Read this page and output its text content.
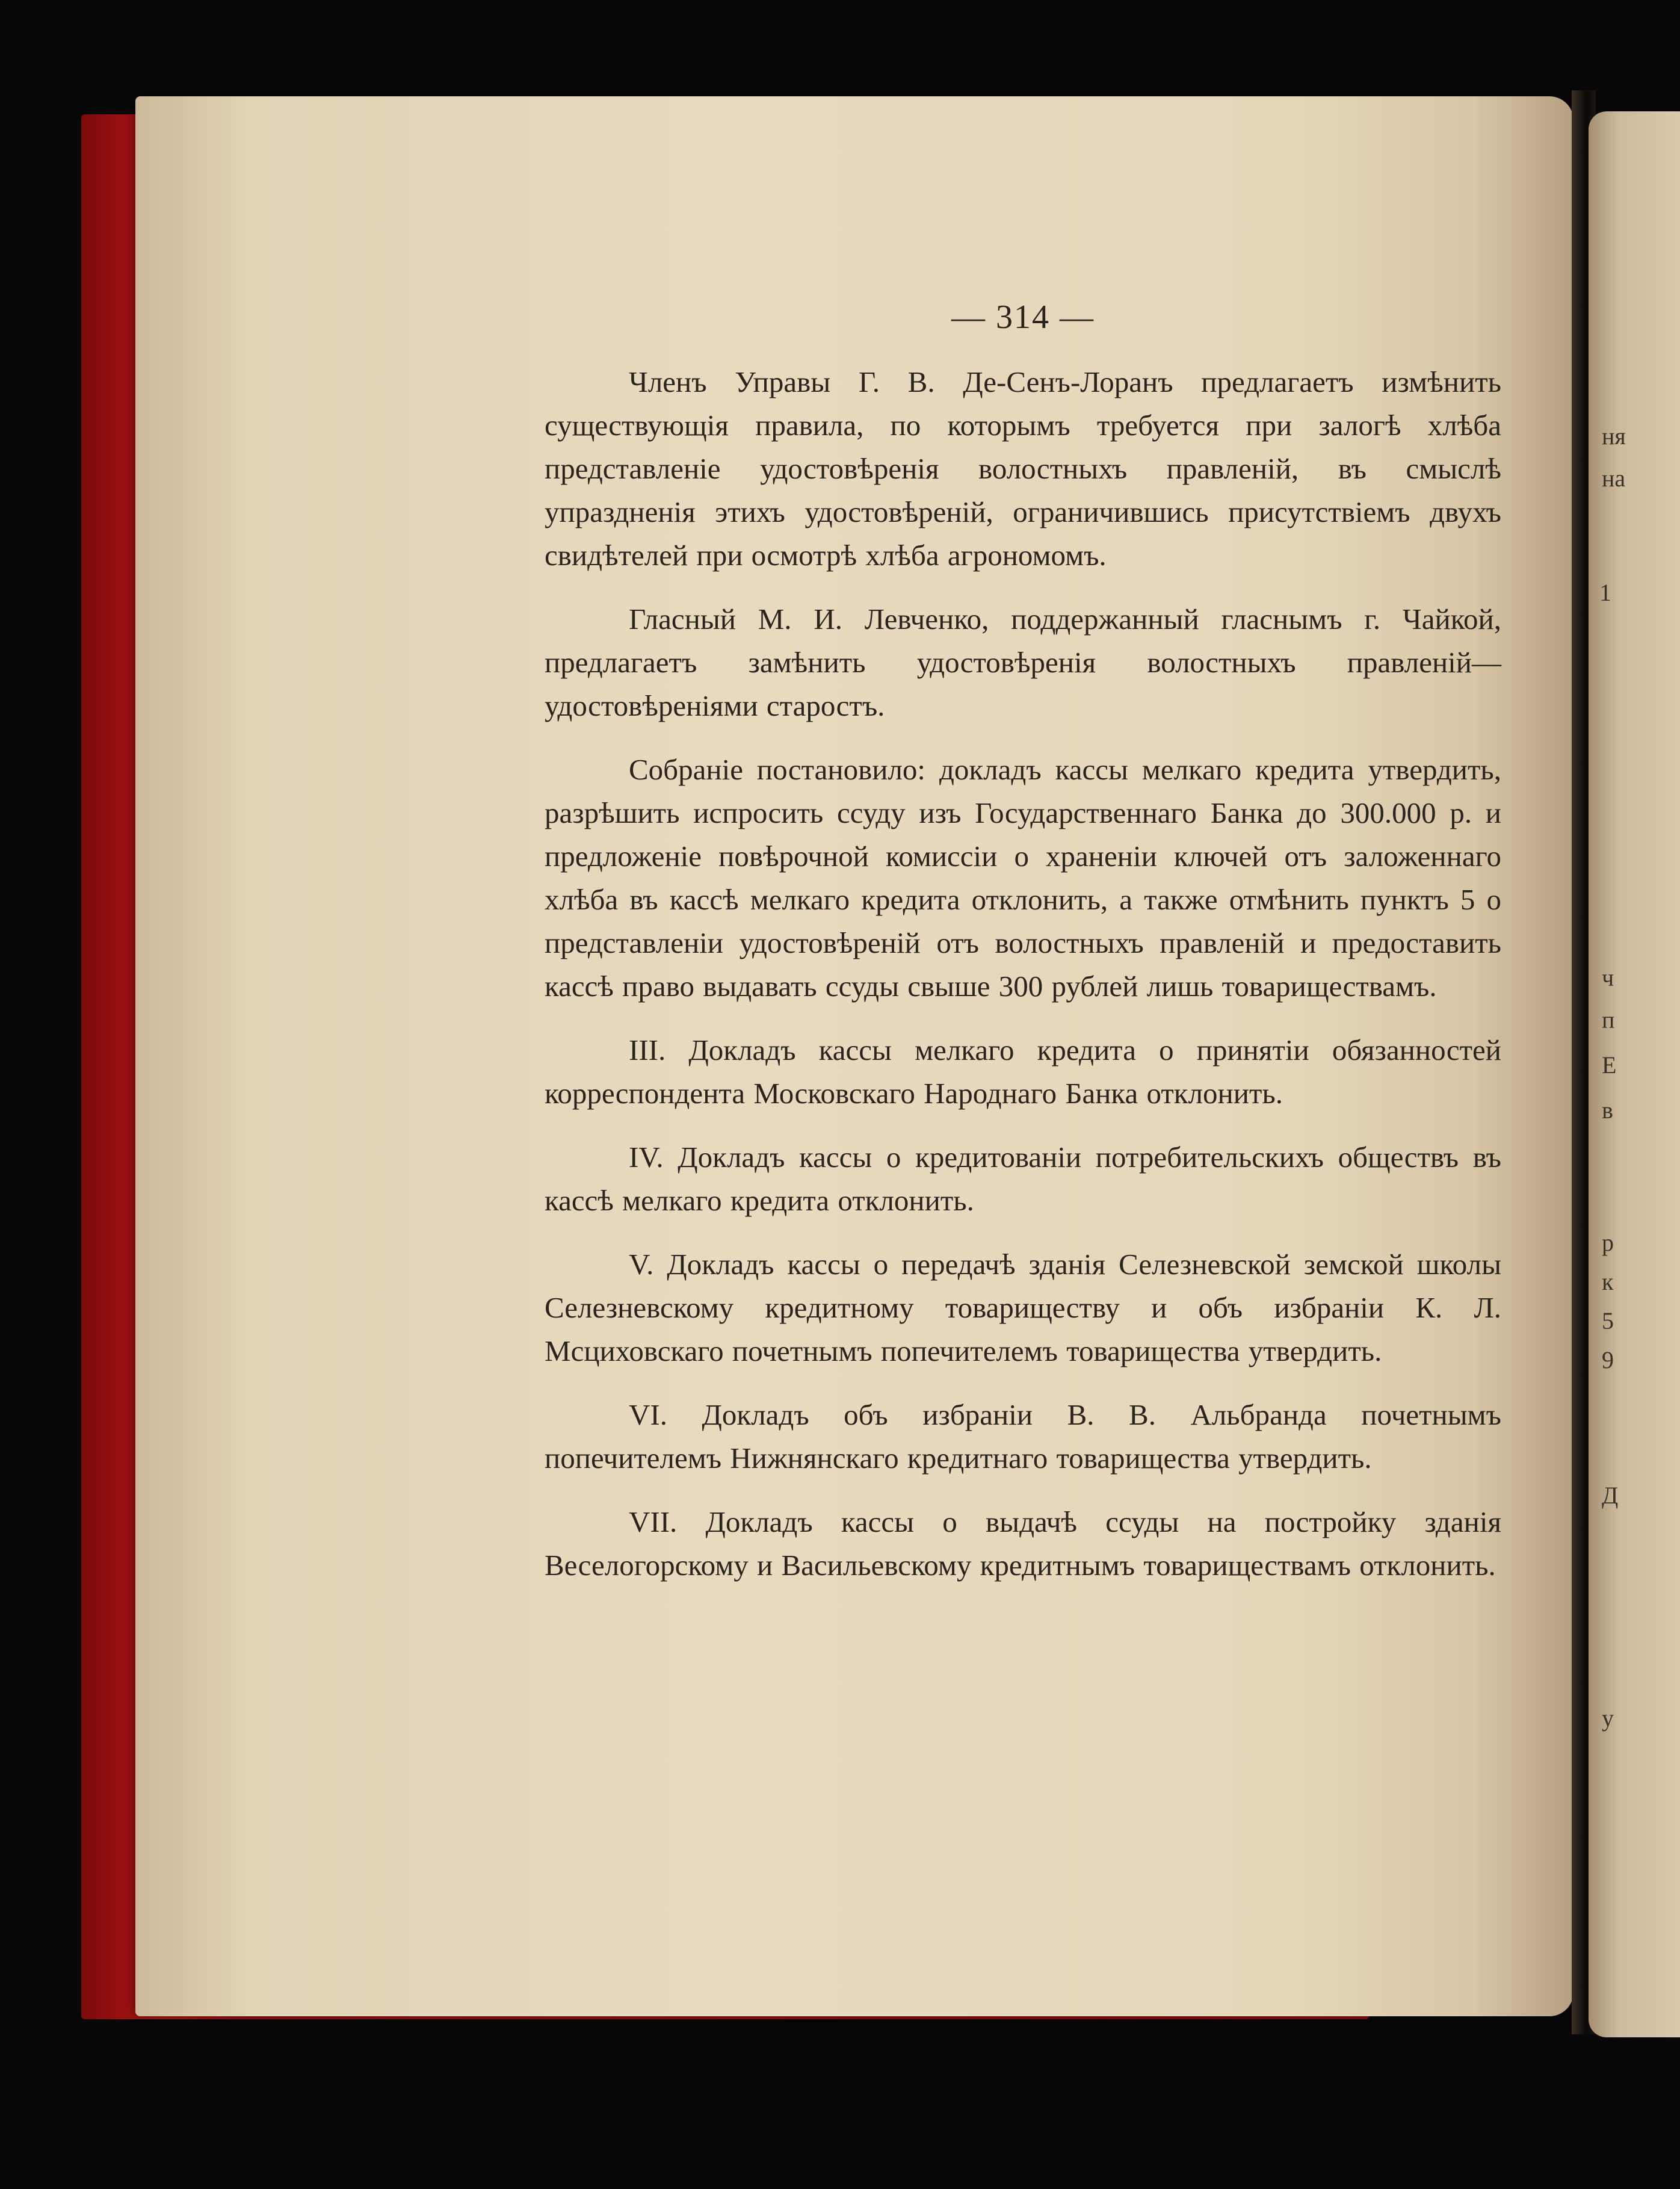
ня
на
1
ч
п
Е
в
р
к
5
9
Д
у
— 314 —

Членъ Управы Г. В. Де-Сенъ-Лоранъ предлагаетъ измѣнить существующія правила, по которымъ требуется при залогѣ хлѣба представленіе удостовѣренія волостныхъ правленій, въ смыслѣ упраздненія этихъ удостовѣреній, ограничившись присутствіемъ двухъ свидѣтелей при осмотрѣ хлѣба агрономомъ.

Гласный М. И. Левченко, поддержанный гласнымъ г. Чайкой, предлагаетъ замѣнить удостовѣренія волостныхъ правленій—удостовѣреніями старостъ.

Собраніе постановило: докладъ кассы мелкаго кредита утвердить, разрѣшить испросить ссуду изъ Государственнаго Банка до 300.000 р. и предложеніе повѣрочной комиссіи о храненіи ключей отъ заложеннаго хлѣба въ кассѣ мелкаго кредита отклонить, а также отмѣнить пунктъ 5 о представленіи удостовѣреній отъ волостныхъ правленій и предоставить кассѣ право выдавать ссуды свыше 300 рублей лишь товариществамъ.

III. Докладъ кассы мелкаго кредита о принятіи обязанностей корреспондента Московскаго Народнаго Банка отклонить.

IV. Докладъ кассы о кредитованіи потребительскихъ обществъ въ кассѣ мелкаго кредита отклонить.

V. Докладъ кассы о передачѣ зданія Селезневской земской школы Селезневскому кредитному товариществу и объ избраніи К. Л. Мсциховскаго почетнымъ попечителемъ товарищества утвердить.

VI. Докладъ объ избраніи В. В. Альбранда почетнымъ попечителемъ Нижнянскаго кредитнаго товарищества утвердить.

VII. Докладъ кассы о выдачѣ ссуды на постройку зданія Веселогорскому и Васильевскому кредитнымъ товариществамъ отклонить.
